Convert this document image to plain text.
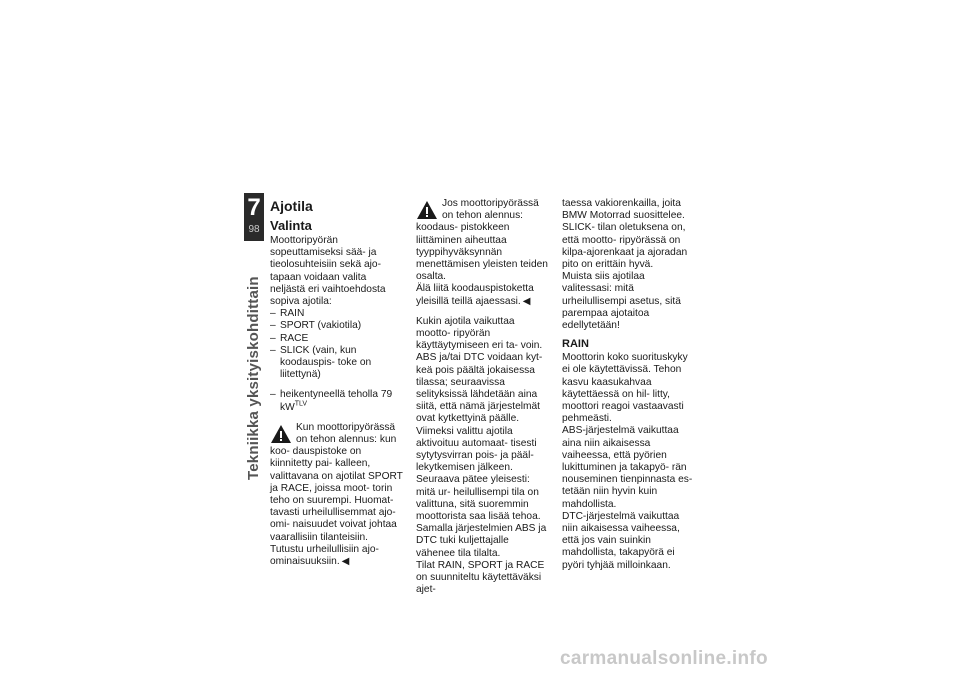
7
98
Tekniikka yksityiskohdittain
Ajotila
Valinta

Moottoripyörän sopeuttamiseksi sää- ja tieolosuhteisiin sekä ajo- tapaan voidaan valita neljästä eri vaihtoehdosta sopiva ajotila:

– RAIN
– SPORT (vakiotila)
– RACE
– SLICK (vain, kun koodauspis- toke on liitettynä)
– heikentyneellä teholla 79 $kW^{TLV}$

Kun moottoripyörässä on tehon alennus: kun koo- dauspistoke on kiinnitetty pai- kalleen, valittavana on ajotilat SPORT ja RACE, joissa moot- torin teho on suurempi. Huomat- tavasti urheilullisemmat ajo-omi- naisuudet voivat johtaa vaarallisiin tilanteisiin.

Tutustu urheilullisiin ajo- ominaisuuksiin. ◀

Jos moottoripyörässä on tehon alennus: koodaus- pistokkeen liittäminen aiheuttaa tyyppihyväksynnän menettämisen yleisten teiden osalta.

Älä liitä koodauspistoketta yleisillä teillä ajaessasi. ◀

Kukin ajotila vaikuttaa mootto- ripyörän käyttäytymiseen eri ta- voin. ABS ja/tai DTC voidaan kyt- keä pois päältä jokaisessa tilassa; seuraavissa selityksissä lähdetään aina siitä, että nämä järjestelmät ovat kytkettyinä päälle. Viimeksi valittu ajotila aktivoituu automaat- tisesti sytytysvirran pois- ja pääl- lekytkemisen jälkeen.

Seuraava pätee yleisesti: mitä ur- heilullisempi tila on valittuna, sitä suoremmin moottorista saa lisää tehoa. Samalla järjestelmien ABS ja DTC tuki kuljettajalle vähenee tila tilalta.

Tilat RAIN, SPORT ja RACE on suunniteltu käytettäväksi ajet-

taessa vakiorenkailla, joita BMW Motorrad suosittelee. SLICK- tilan oletuksena on, että mootto- ripyörässä on kilpa-ajorenkaat ja ajoradan pito on erittäin hyvä.

Muista siis ajotilaa valitessasi: mitä urheilullisempi asetus, sitä parempaa ajotaitoa edellytetään!

RAIN

Moottorin koko suorituskyky ei ole käytettävissä. Tehon kasvu kaasukahvaa käytettäessä on hil- litty, moottori reagoi vastaavasti pehmeästi.

ABS-järjestelmä vaikuttaa aina niin aikaisessa vaiheessa, että pyörien lukittuminen ja takapyö- rän nouseminen tienpinnasta es- tetään niin hyvin kuin mahdollista.

DTC-järjestelmä vaikuttaa niin aikaisessa vaiheessa, että jos vain suinkin mahdollista, takapyörä ei pyöri tyhjää milloinkaan.

carmanualsonline.info
